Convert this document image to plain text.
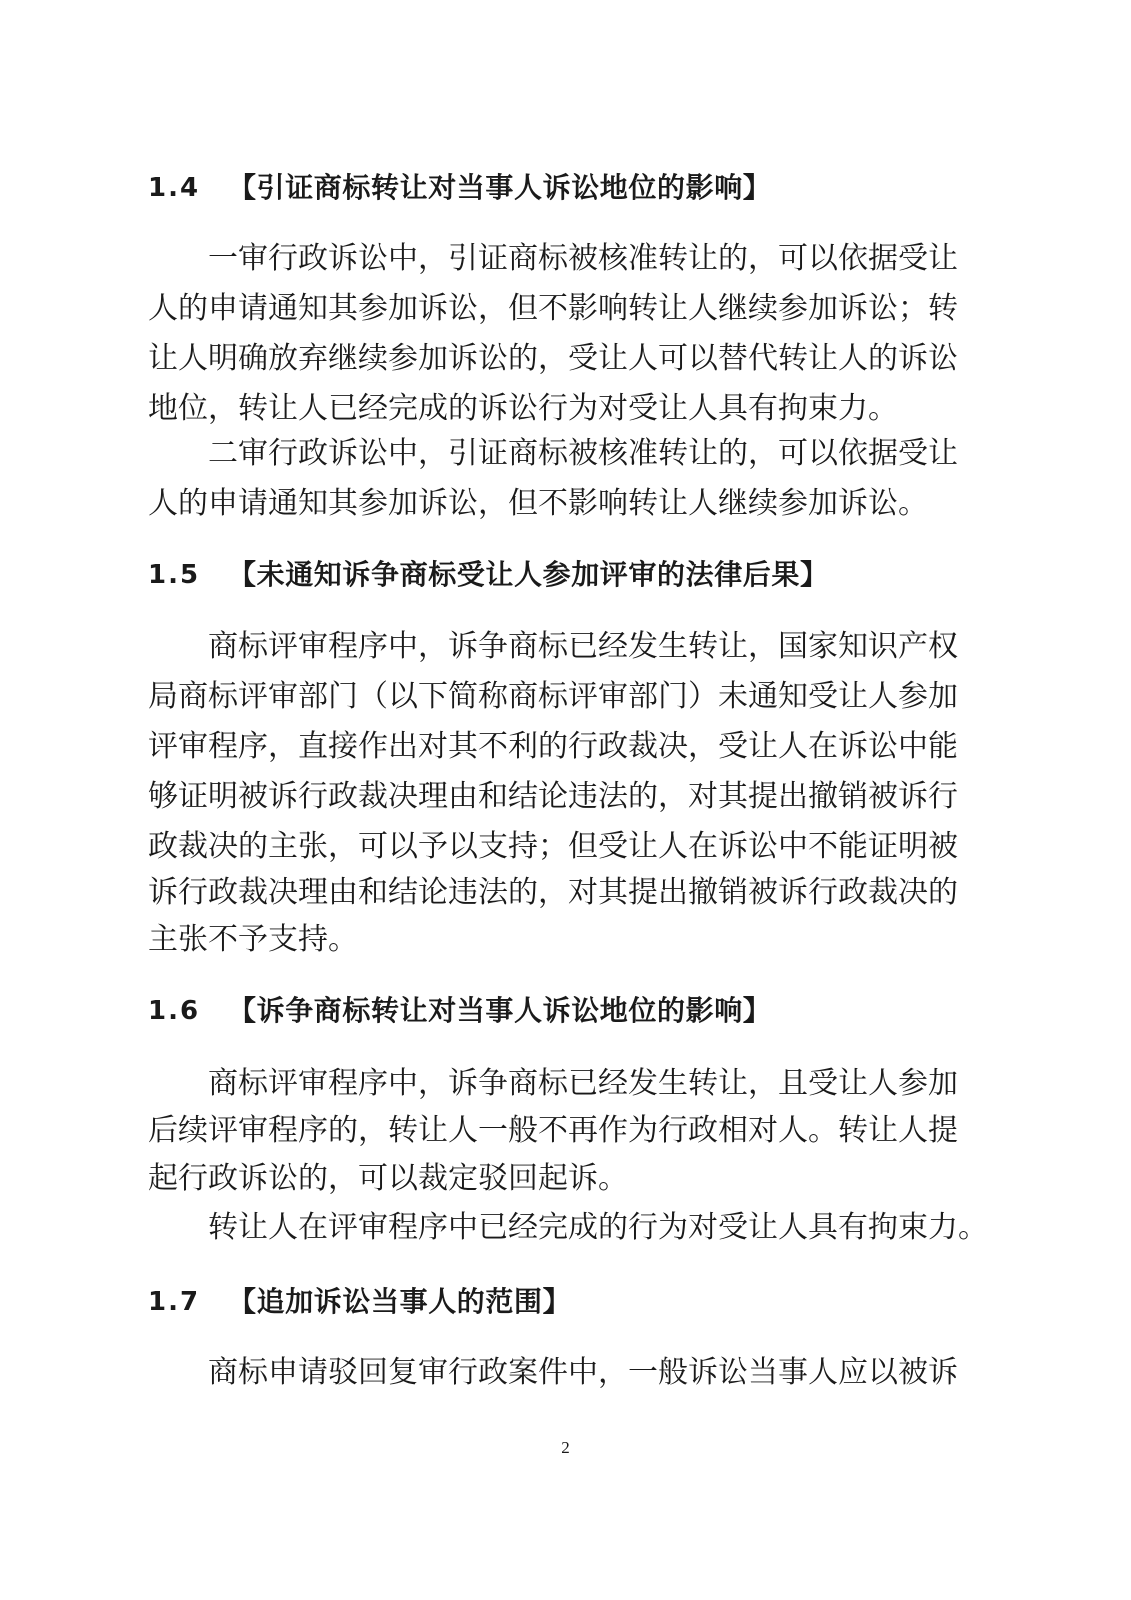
1.4 【引证商标转让对当事人诉讼地位的影响】
一审行政诉讼中，引证商标被核准转让的，可以依据受让
人的申请通知其参加诉讼，但不影响转让人继续参加诉讼；转
让人明确放弃继续参加诉讼的，受让人可以替代转让人的诉讼
地位，转让人已经完成的诉讼行为对受让人具有拘束力。
二审行政诉讼中，引证商标被核准转让的，可以依据受让
人的申请通知其参加诉讼，但不影响转让人继续参加诉讼。
1.5 【未通知诉争商标受让人参加评审的法律后果】
商标评审程序中，诉争商标已经发生转让，国家知识产权
局商标评审部门（以下简称商标评审部门）未通知受让人参加
评审程序，直接作出对其不利的行政裁决，受让人在诉讼中能
够证明被诉行政裁决理由和结论违法的，对其提出撤销被诉行
政裁决的主张，可以予以支持；但受让人在诉讼中不能证明被
诉行政裁决理由和结论违法的，对其提出撤销被诉行政裁决的
主张不予支持。
1.6 【诉争商标转让对当事人诉讼地位的影响】
商标评审程序中，诉争商标已经发生转让，且受让人参加
后续评审程序的，转让人一般不再作为行政相对人。转让人提
起行政诉讼的，可以裁定驳回起诉。
转让人在评审程序中已经完成的行为对受让人具有拘束力。
1.7 【追加诉讼当事人的范围】
商标申请驳回复审行政案件中，一般诉讼当事人应以被诉
2
